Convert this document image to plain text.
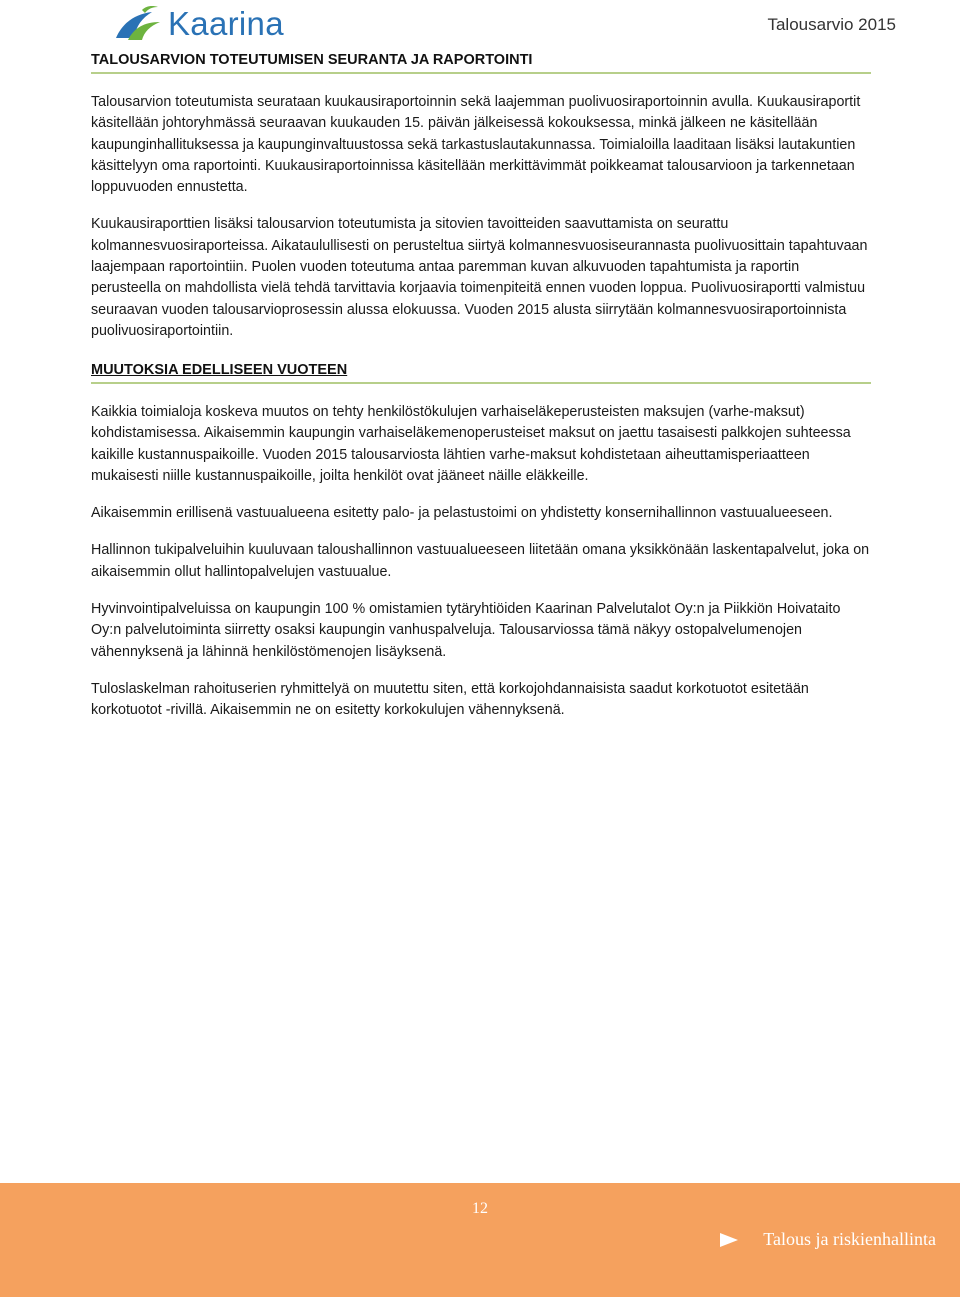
Kaarina	Talousarvio 2015
TALOUSARVION TOTEUTUMISEN SEURANTA JA RAPORTOINTI

Talousarvion toteutumista seurataan kuukausiraportoinnin sekä laajemman puolivuosiraportoinnin avulla. Kuukausiraportit käsitellään johtoryhmässä seuraavan kuukauden 15. päivän jälkeisessä kokouksessa, minkä jälkeen ne käsitellään kaupunginhallituksessa ja kaupunginvaltuustossa sekä tarkastuslautakunnassa. Toimialoilla laaditaan lisäksi lautakuntien käsittelyyn oma raportointi. Kuukausiraportoinnissa käsitellään merkittävimmät poikkeamat talousarvioon ja tarkennetaan loppuvuoden ennustetta.

Kuukausiraporttien lisäksi talousarvion toteutumista ja sitovien tavoitteiden saavuttamista on seurattu kolmannesvuosiraporteissa. Aikataulullisesti on perusteltua siirtyä kolmannesvuosiseurannasta puolivuosittain tapahtuvaan laajempaan raportointiin. Puolen vuoden toteutuma antaa paremman kuvan alkuvuoden tapahtumista ja raportin perusteella on mahdollista vielä tehdä tarvittavia korjaavia toimenpiteitä ennen vuoden loppua. Puolivuosiraportti valmistuu seuraavan vuoden talousarvioprosessin alussa elokuussa. Vuoden 2015 alusta siirrytään kolmannesvuosiraportoinnista puolivuosiraportointiin.

MUUTOKSIA EDELLISEEN VUOTEEN

Kaikkia toimialoja koskeva muutos on tehty henkilöstökulujen varhaiseläkeperusteisten maksujen (varhe-maksut) kohdistamisessa. Aikaisemmin kaupungin varhaiseläkemenoperusteiset maksut on jaettu tasaisesti palkkojen suhteessa kaikille kustannuspaikoille. Vuoden 2015 talousarviosta lähtien varhe-maksut kohdistetaan aiheuttamisperiaatteen mukaisesti niille kustannuspaikoille, joilta henkilöt ovat jääneet näille eläkkeille.

Aikaisemmin erillisenä vastuualueena esitetty palo- ja pelastustoimi on yhdistetty konsernihallinnon vastuualueeseen.

Hallinnon tukipalveluihin kuuluvaan taloushallinnon vastuualueeseen liitetään omana yksikkönään laskentapalvelut, joka on aikaisemmin ollut hallintopalvelujen vastuualue.

Hyvinvointipalveluissa on kaupungin 100 % omistamien tytäryhtiöiden Kaarinan Palvelutalot Oy:n ja Piikkiön Hoivataito Oy:n palvelutoiminta siirretty osaksi kaupungin vanhuspalveluja. Talousarviossa tämä näkyy ostopalvelumenojen vähennyksenä ja lähinnä henkilöstömenojen lisäyksenä.

Tuloslaskelman rahoituserien ryhmittelyä on muutettu siten, että korkojohdannaisista saadut korkotuotot esitetään korkotuotot -rivillä. Aikaisemmin ne on esitetty korkokulujen vähennyksenä.

12
Talous ja riskienhallinta
